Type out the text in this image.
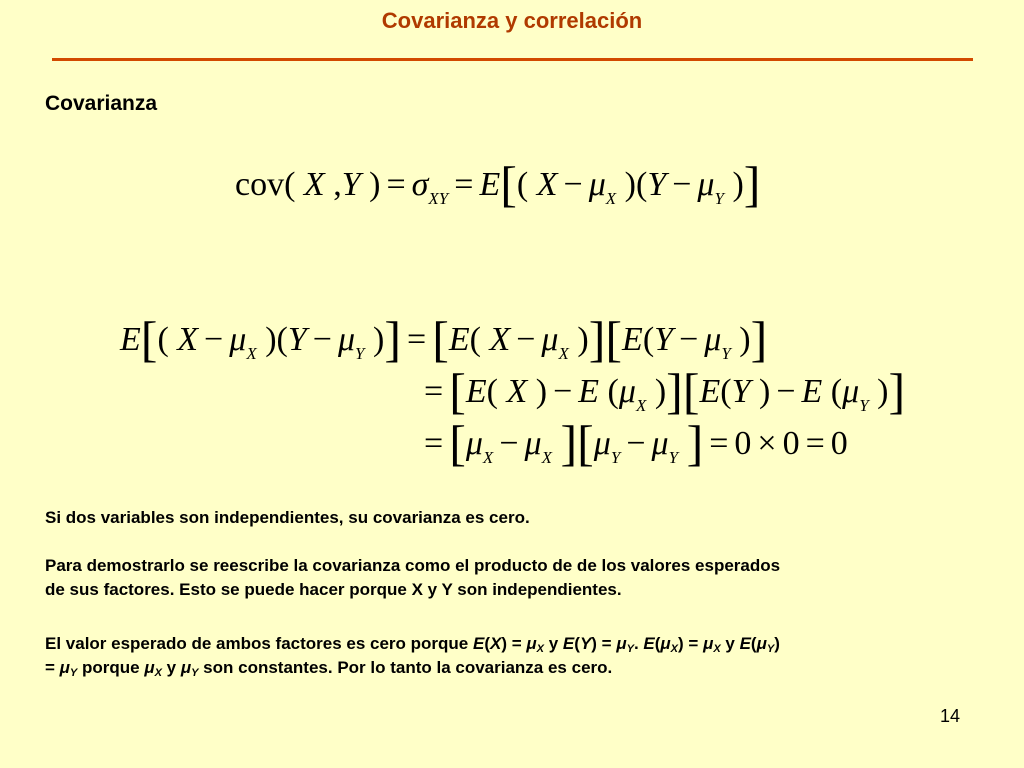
Covarianza y correlación
Covarianza
cov( X ,Y ) = $\sigma_{XY} = E$[( $X - \mu_X$ )($Y - \mu_Y$ )]
E[( $X - \mu_X$ )($Y - \mu_Y$ )] = [E( $X - \mu_X$ )][$E(Y - \mu_Y$ )]
= [E( X ) − E ($\mu_X$ )][E(Y ) − E ($\mu_Y$ )]
= [$\mu_X - \mu_X$ ][$\mu_Y - \mu_Y$ ] = 0 × 0 = 0
Si dos variables son independientes, su covarianza es cero.
Para demostrarlo se reescribe la covarianza como el producto de de los valores esperados
de sus factores. Esto se puede hacer porque X y Y son independientes.
El valor esperado de ambos factores es cero porque $E(X) = \mu_X$ y $E(Y) = \mu_Y$. $E(\mu_X) = \mu_X$ y $E(\mu_Y)$
= $\mu_Y$ porque $\mu_X$ y $\mu_Y$ son constantes. Por lo tanto la covarianza es cero.
14
